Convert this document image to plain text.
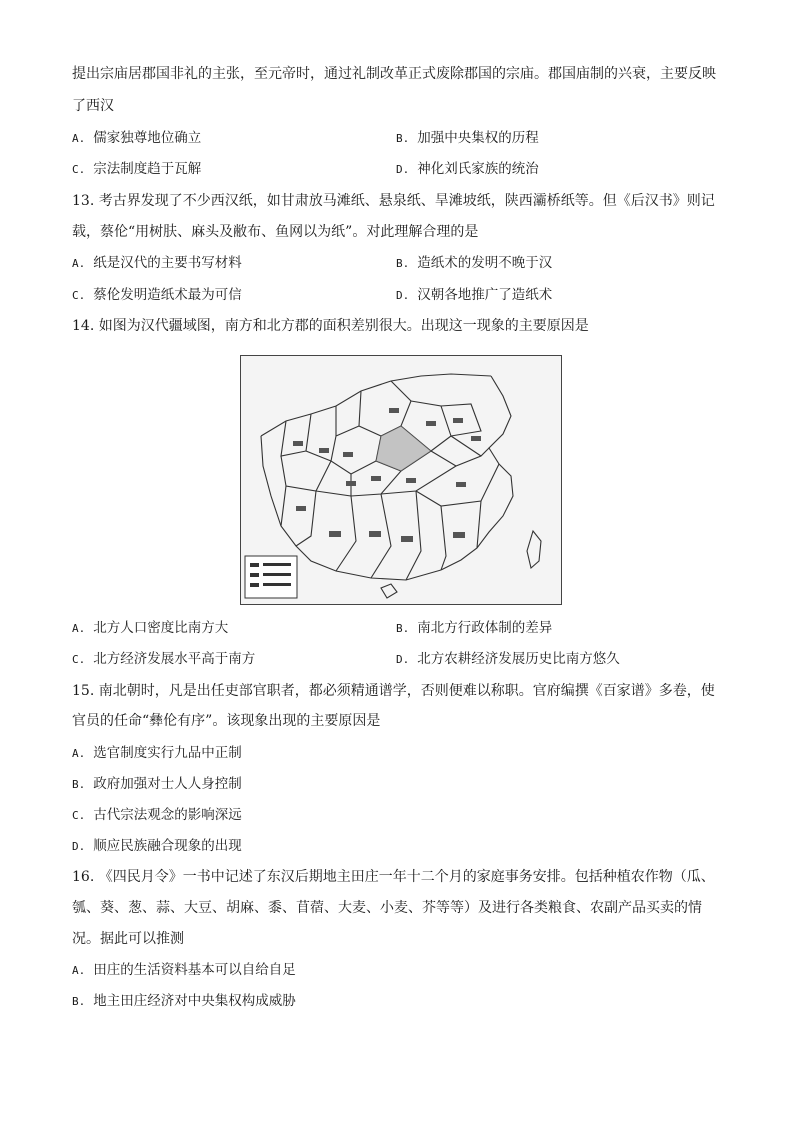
提出宗庙居郡国非礼的主张，至元帝时，通过礼制改革正式废除郡国的宗庙。郡国庙制的兴衰，主要反映
了西汉
A. 儒家独尊地位确立	B. 加强中央集权的历程
C. 宗法制度趋于瓦解	D. 神化刘氏家族的统治
13. 考古界发现了不少西汉纸，如甘肃放马滩纸、悬泉纸、旱滩坡纸，陕西灞桥纸等。但《后汉书》则记
载，蔡伦“用树肤、麻头及敝布、鱼网以为纸”。对此理解合理的是
A. 纸是汉代的主要书写材料	B. 造纸术的发明不晚于汉
C. 蔡伦发明造纸术最为可信	D. 汉朝各地推广了造纸术
14. 如图为汉代疆域图，南方和北方郡的面积差别很大。出现这一现象的主要原因是
A. 北方人口密度比南方大	B. 南北方行政体制的差异
C. 北方经济发展水平高于南方	D. 北方农耕经济发展历史比南方悠久
15. 南北朝时，凡是出任吏部官职者，都必须精通谱学，否则便难以称职。官府编撰《百家谱》多卷，使
官员的任命“彝伦有序”。该现象出现的主要原因是
A. 选官制度实行九品中正制
B. 政府加强对士人人身控制
C. 古代宗法观念的影响深远
D. 顺应民族融合现象的出现
16. 《四民月令》一书中记述了东汉后期地主田庄一年十二个月的家庭事务安排。包括种植农作物（瓜、
瓠、葵、葱、蒜、大豆、胡麻、黍、苜蓿、大麦、小麦、芥等等）及进行各类粮食、农副产品买卖的情
况。据此可以推测
A. 田庄的生活资料基本可以自给自足
B. 地主田庄经济对中央集权构成威胁
